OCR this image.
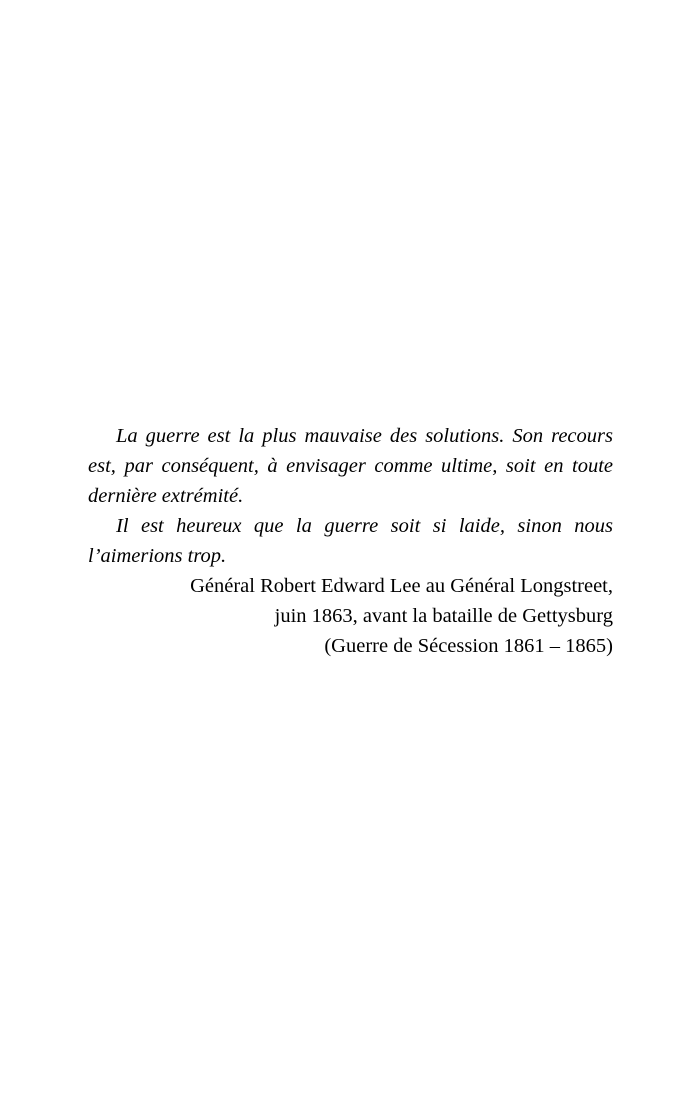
La guerre est la plus mauvaise des solutions. Son recours est, par conséquent, à envisager comme ultime, soit en toute dernière extrémité.

Il est heureux que la guerre soit si laide, sinon nous l’aimerions trop.

Général Robert Edward Lee au Général Longstreet,
juin 1863, avant la bataille de Gettysburg
(Guerre de Sécession 1861 – 1865)
